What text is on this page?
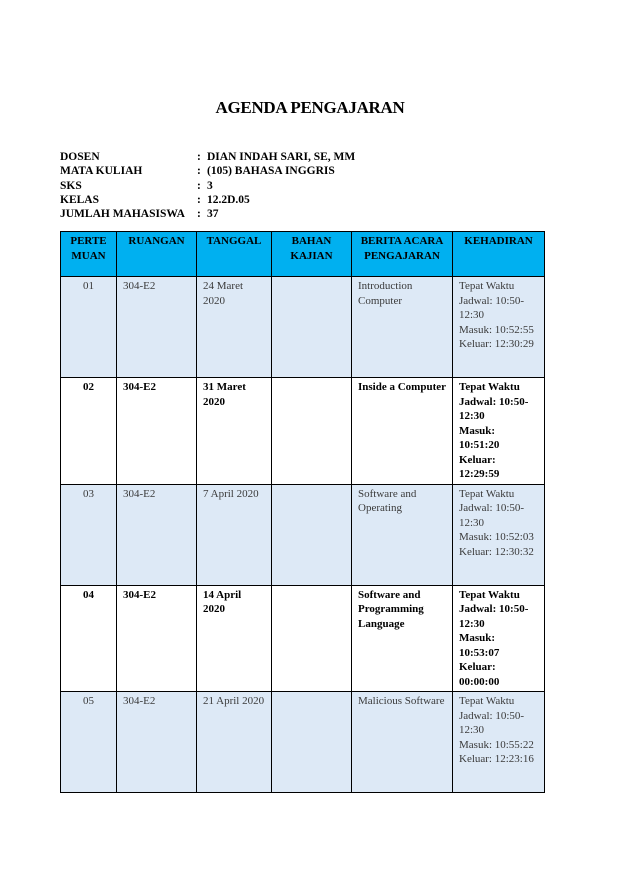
AGENDA PENGAJARAN
DOSEN	: DIAN INDAH SARI, SE, MM
MATA KULIAH	: (105) BAHASA INGGRIS
SKS	: 3
KELAS	: 12.2D.05
JUMLAH MAHASISWA	: 37
PERTE MUAN	RUANGAN	TANGGAL	BAHAN KAJIAN	BERITA ACARA PENGAJARAN	KEHADIRAN
01	304-E2	24 Maret 2020		Introduction Computer	Tepat Waktu
Jadwal: 10:50-12:30
Masuk: 10:52:55
Keluar: 12:30:29

02	304-E2	31 Maret 2020		Inside a Computer	Tepat Waktu
Jadwal: 10:50-12:30
Masuk: 10:51:20
Keluar: 12:29:59

03	304-E2	7 April 2020		Software and Operating	Tepat Waktu
Jadwal: 10:50-12:30
Masuk: 10:52:03
Keluar: 12:30:32

04	304-E2	14 April 2020		Software and Programming Language	Tepat Waktu
Jadwal: 10:50-12:30
Masuk: 10:53:07
Keluar: 00:00:00

05	304-E2	21 April 2020		Malicious Software	Tepat Waktu
Jadwal: 10:50-12:30
Masuk: 10:55:22
Keluar: 12:23:16
